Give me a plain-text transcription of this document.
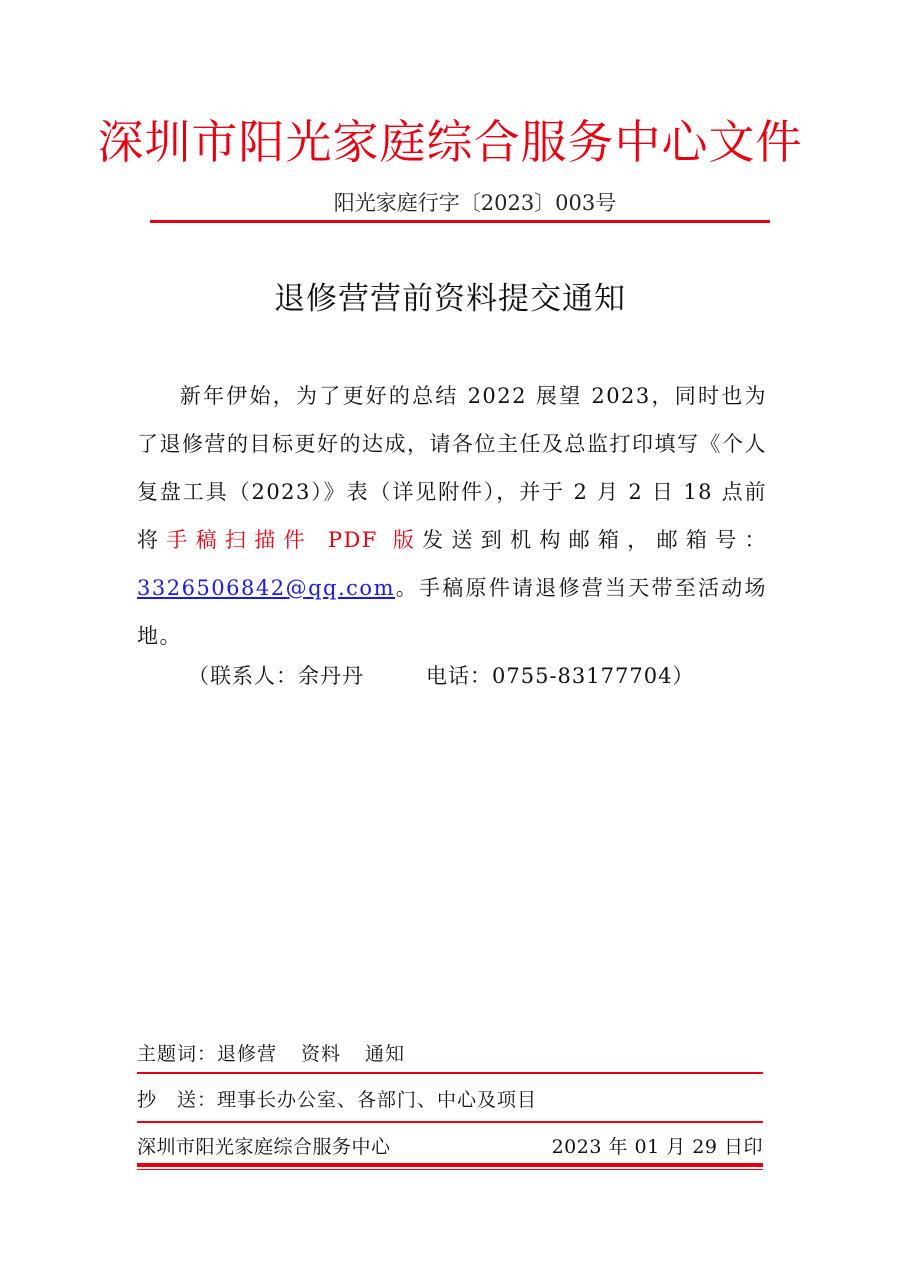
深圳市阳光家庭综合服务中心文件
阳光家庭行字〔2023〕003号
退修营营前资料提交通知
新年伊始，为了更好的总结 2022 展望 2023，同时也为了退修营的目标更好的达成，请各位主任及总监打印填写《个人复盘工具（2023）》表（详见附件），并于 2 月 2 日 18 点前将手稿扫描件 PDF 版发送到机构邮箱，邮箱号：3326506842@qq.com。手稿原件请退修营当天带至活动场地。
（联系人：余丹丹	电话：0755-83177704）
主题词：退修营 资料 通知
抄　送：理事长办公室、各部门、中心及项目
深圳市阳光家庭综合服务中心	2023 年 01 月 29 日印
